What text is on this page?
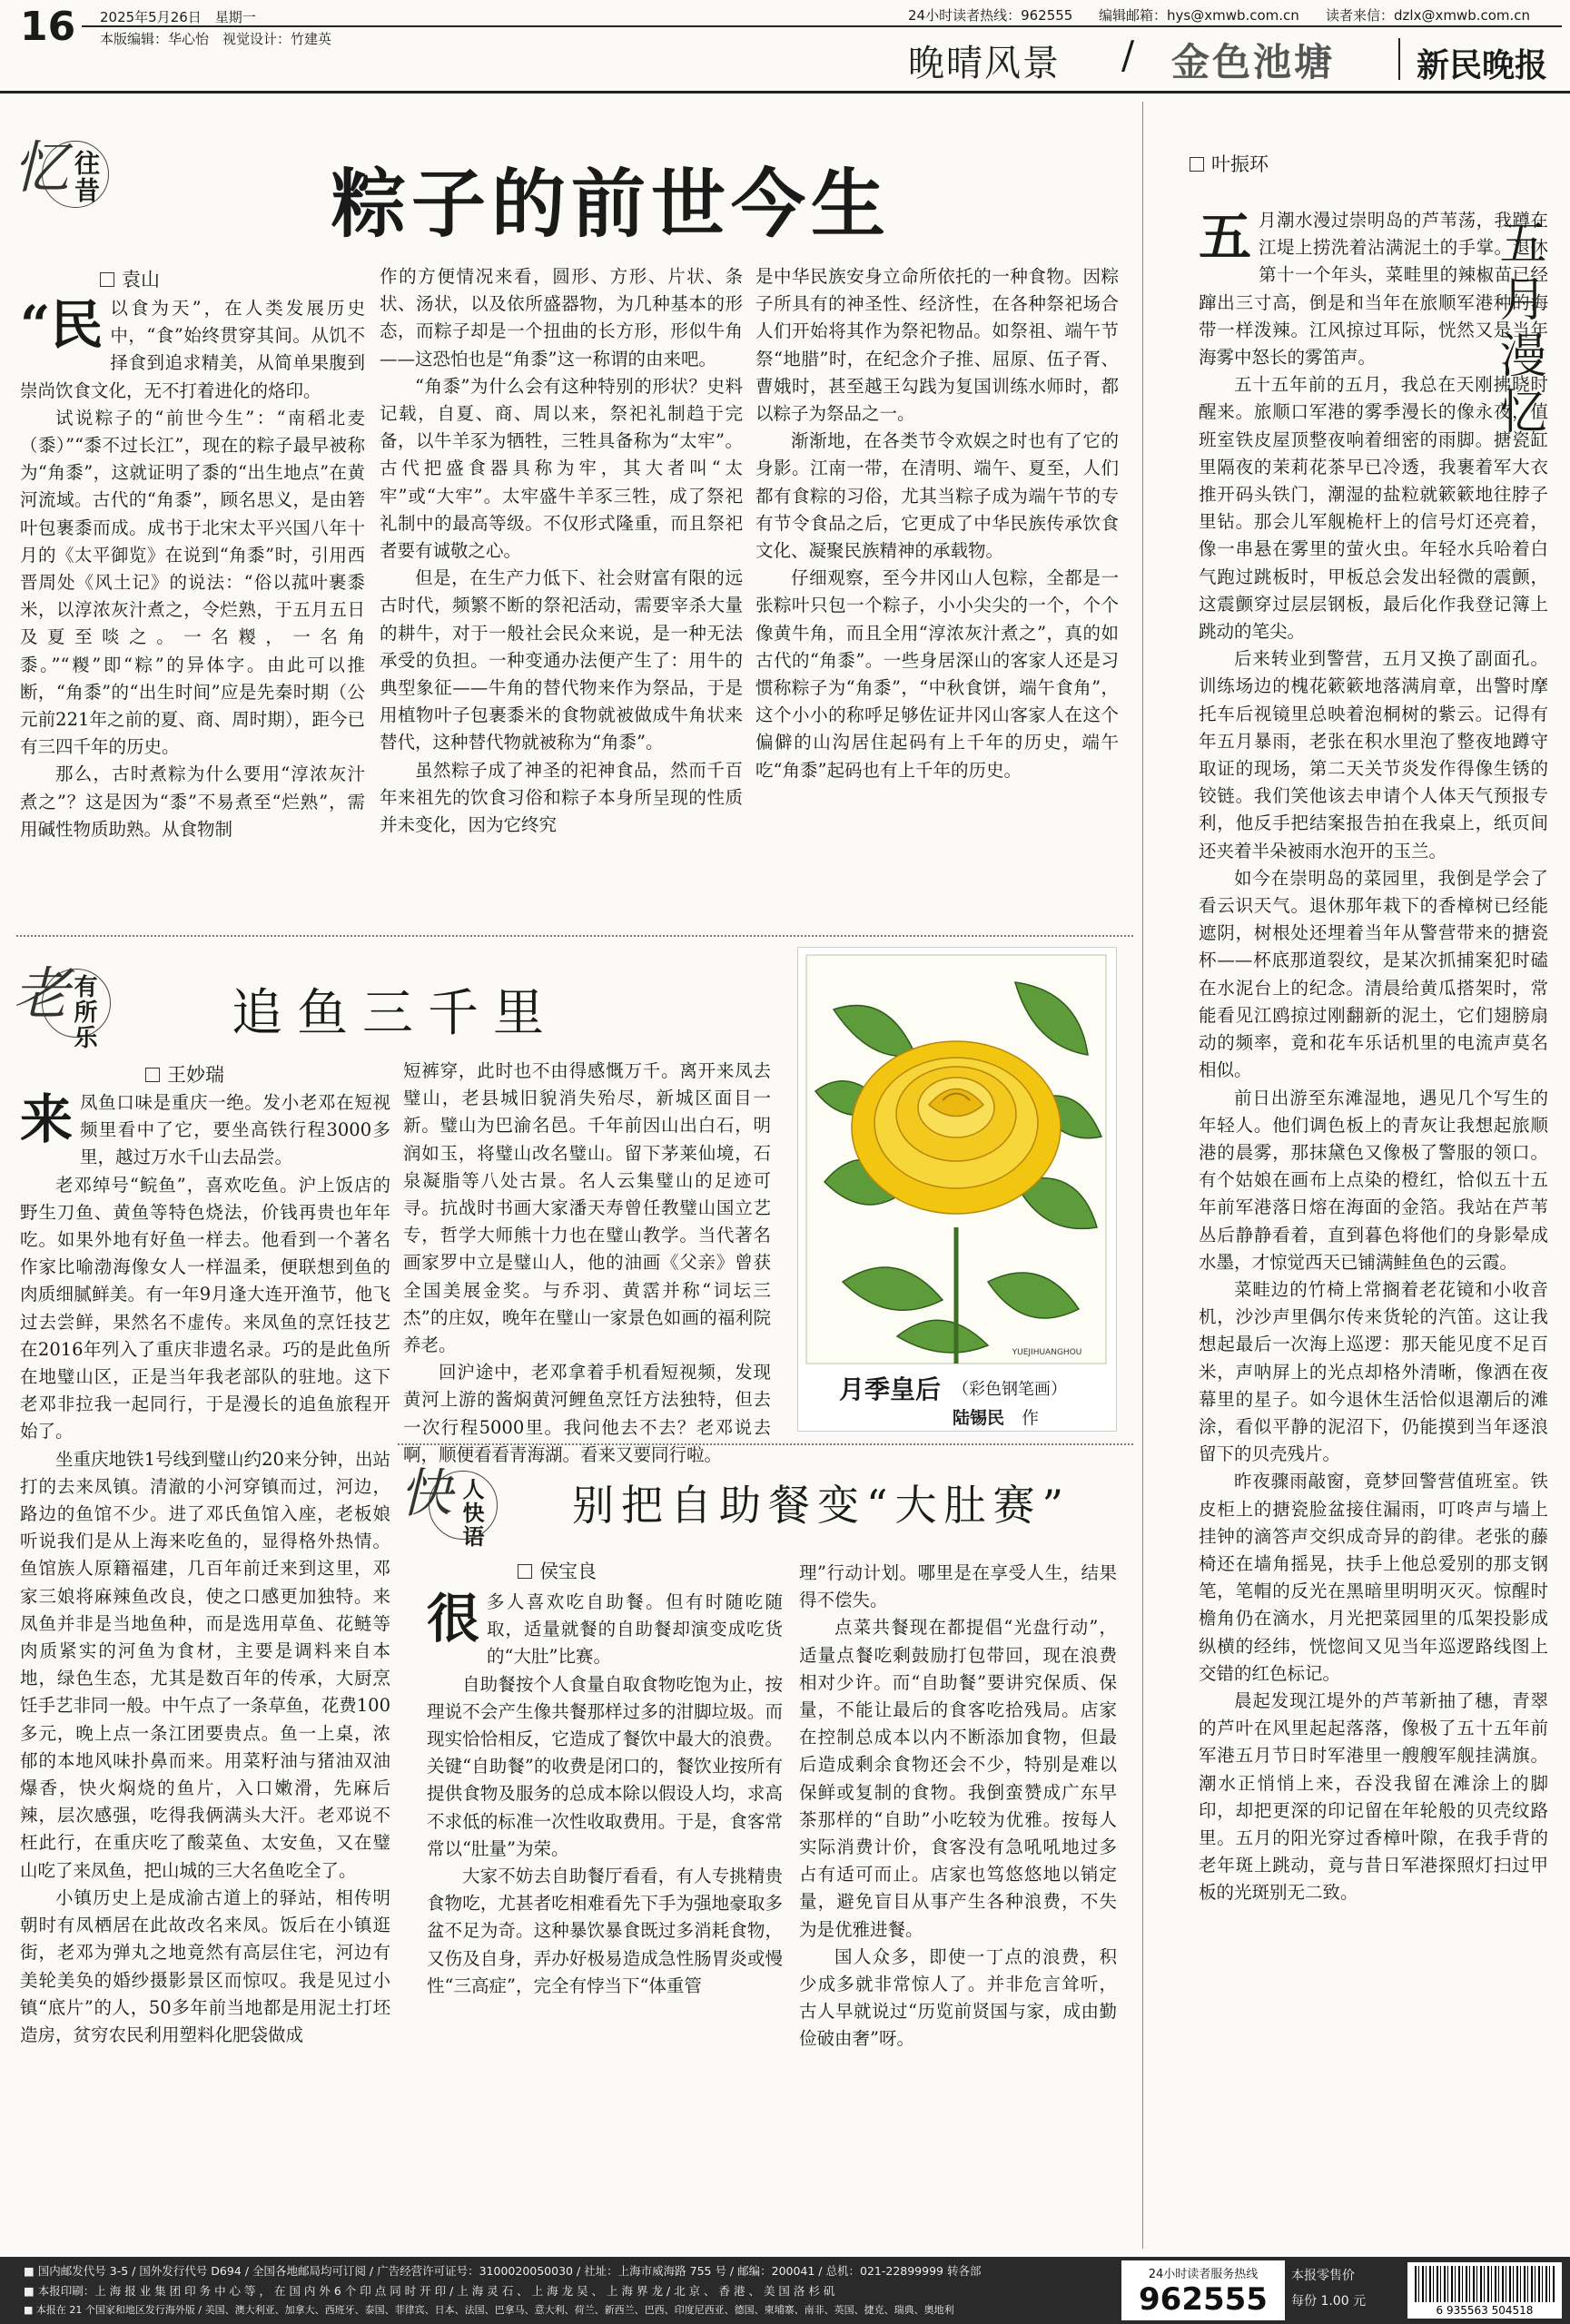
16 2025年5月26日　星期一
本版编辑：华心怡　视觉设计：竹建英
24小时读者热线：962555 编辑邮箱：hys@xmwb.com.cn 读者来信：dzlx@xmwb.com.cn
晚晴风景 / 金色池塘 新民晚报
忆 往昔	粽子的前世今生
袁山
“民 以食为天”，在人类发展历史中，“食”始终贯穿其间。从饥不择食到追求精美，从简单果腹到崇尚饮食文化，无不打着进化的烙印。

试说粽子的“前世今生”：“南稻北麦（黍）”“黍不过长江”，现在的粽子最早被称为“角黍”，这就证明了黍的“出生地点”在黄河流域。古代的“角黍”，顾名思义，是由箬叶包裹黍而成。成书于北宋太平兴国八年十月的《太平御览》在说到“角黍”时，引用西晋周处《风土记》的说法：“俗以菰叶裹黍米，以淳浓灰汁煮之，令烂熟，于五月五日及夏至啖之。一名糉，一名角黍。”“糉”即“粽”的异体字。由此可以推断，“角黍”的“出生时间”应是先秦时期（公元前221年之前的夏、商、周时期），距今已有三四千年的历史。

那么，古时煮粽为什么要用“淳浓灰汁煮之”？这是因为“黍”不易煮至“烂熟”，需用碱性物质助熟。从食物制

作的方便情况来看，圆形、方形、片状、条状、汤状，以及依所盛器物，为几种基本的形态，而粽子却是一个扭曲的长方形，形似牛角——这恐怕也是“角黍”这一称谓的由来吧。

“角黍”为什么会有这种特别的形状？史料记载，自夏、商、周以来，祭祀礼制趋于完备，以牛羊豕为牺牲，三牲具备称为“太牢”。古代把盛食器具称为牢，其大者叫“太牢”或“大牢”。太牢盛牛羊豕三牲，成了祭祀礼制中的最高等级。不仅形式隆重，而且祭祀者要有诚敬之心。

但是，在生产力低下、社会财富有限的远古时代，频繁不断的祭祀活动，需要宰杀大量的耕牛，对于一般社会民众来说，是一种无法承受的负担。一种变通办法便产生了：用牛的典型象征——牛角的替代物来作为祭品，于是用植物叶子包裹黍米的食物就被做成牛角状来替代，这种替代物就被称为“角黍”。

虽然粽子成了神圣的祀神食品，然而千百年来祖先的饮食习俗和粽子本身所呈现的性质并未变化，因为它终究

是中华民族安身立命所依托的一种食物。因粽子所具有的神圣性、经济性，在各种祭祀场合人们开始将其作为祭祀物品。如祭祖、端午节祭“地腊”时，在纪念介子推、屈原、伍子胥、曹娥时，甚至越王勾践为复国训练水师时，都以粽子为祭品之一。

渐渐地，在各类节令欢娱之时也有了它的身影。江南一带，在清明、端午、夏至，人们都有食粽的习俗，尤其当粽子成为端午节的专有节令食品之后，它更成了中华民族传承饮食文化、凝聚民族精神的承载物。

仔细观察，至今井冈山人包粽，全都是一张粽叶只包一个粽子，小小尖尖的一个，个个像黄牛角，而且全用“淳浓灰汁煮之”，真的如古代的“角黍”。一些身居深山的客家人还是习惯称粽子为“角黍”，“中秋食饼，端午食角”，这个小小的称呼足够佐证井冈山客家人在这个偏僻的山沟居住起码有上千年的历史，端午吃“角黍”起码也有上千年的历史。

老 有所乐	追鱼三千里
王妙瑞
来 凤鱼口味是重庆一绝。发小老邓在短视频里看中了它，要坐高铁行程3000多里，越过万水千山去品尝。

老邓绰号“鲩鱼”，喜欢吃鱼。沪上饭店的野生刀鱼、黄鱼等特色烧法，价钱再贵也年年吃。如果外地有好鱼一样去。他看到一个著名作家比喻渤海像女人一样温柔，便联想到鱼的肉质细腻鲜美。有一年9月逢大连开渔节，他飞过去尝鲜，果然名不虚传。来凤鱼的烹饪技艺在2016年列入了重庆非遗名录。巧的是此鱼所在地璧山区，正是当年我老部队的驻地。这下老邓非拉我一起同行，于是漫长的追鱼旅程开始了。

坐重庆地铁1号线到璧山约20来分钟，出站打的去来凤镇。清澈的小河穿镇而过，河边，路边的鱼馆不少。进了邓氏鱼馆入座，老板娘听说我们是从上海来吃鱼的，显得格外热情。鱼馆族人原籍福建，几百年前迁来到这里，邓家三娘将麻辣鱼改良，使之口感更加独特。来凤鱼并非是当地鱼种，而是选用草鱼、花鲢等肉质紧实的河鱼为食材，主要是调料来自本地，绿色生态，尤其是数百年的传承，大厨烹饪手艺非同一般。中午点了一条草鱼，花费100多元，晚上点一条江团要贵点。鱼一上桌，浓郁的本地风味扑鼻而来。用菜籽油与猪油双油爆香，快火焖烧的鱼片，入口嫩滑，先麻后辣，层次感强，吃得我俩满头大汗。老邓说不枉此行，在重庆吃了酸菜鱼、太安鱼，又在璧山吃了来凤鱼，把山城的三大名鱼吃全了。

小镇历史上是成渝古道上的驿站，相传明朝时有凤栖居在此故改名来凤。饭后在小镇逛街，老邓为弹丸之地竟然有高层住宅，河边有美轮美奂的婚纱摄影景区而惊叹。我是见过小镇“底片”的人，50多年前当地都是用泥土打坯造房，贫穷农民利用塑料化肥袋做成

短裤穿，此时也不由得感慨万千。离开来凤去璧山，老县城旧貌消失殆尽，新城区面目一新。璧山为巴渝名邑。千年前因山出白石，明润如玉，将璧山改名璧山。留下茅莱仙境，石泉凝脂等八处古景。名人云集璧山的足迹可寻。抗战时书画大家潘天寿曾任教璧山国立艺专，哲学大师熊十力也在璧山教学。当代著名画家罗中立是璧山人，他的油画《父亲》曾获全国美展金奖。与乔羽、黄霑并称“词坛三杰”的庄奴，晚年在璧山一家景色如画的福利院养老。

回沪途中，老邓拿着手机看短视频，发现黄河上游的酱焖黄河鲤鱼烹饪方法独特，但去一次行程5000里。我问他去不去？老邓说去啊，顺便看看青海湖。看来又要同行啦。

YUEJIHUANGHOU
月季皇后 （彩色钢笔画）
陆锡民　 作
快 人快语 别把自助餐变“大肚赛”
侯宝良
很 多人喜欢吃自助餐。但有时随吃随取，适量就餐的自助餐却演变成吃货的“大肚”比赛。

自助餐按个人食量自取食物吃饱为止，按理说不会产生像共餐那样过多的泔脚垃圾。而现实恰恰相反，它造成了餐饮中最大的浪费。关键“自助餐”的收费是闭口的，餐饮业按所有提供食物及服务的总成本除以假设人均，求高不求低的标准一次性收取费用。于是，食客常常以“肚量”为荣。

大家不妨去自助餐厅看看，有人专挑精贵食物吃，尤甚者吃相难看先下手为强地豪取多盆不足为奇。这种暴饮暴食既过多消耗食物，又伤及自身，弄办好极易造成急性肠胃炎或慢性“三高症”，完全有悖当下“体重管

理”行动计划。哪里是在享受人生，结果得不偿失。

点菜共餐现在都提倡“光盘行动”，适量点餐吃剩鼓励打包带回，现在浪费相对少许。而“自助餐”要讲究保质、保量，不能让最后的食客吃拾残局。店家在控制总成本以内不断添加食物，但最后造成剩余食物还会不少，特别是难以保鲜或复制的食物。我倒蛮赞成广东早茶那样的“自助”小吃较为优雅。按每人实际消费计价，食客没有急吼吼地过多占有适可而止。店家也笃悠悠地以销定量，避免盲目从事产生各种浪费，不失为是优雅进餐。

国人众多，即使一丁点的浪费，积少成多就非常惊人了。并非危言耸听，古人早就说过“历览前贤国与家，成由勤俭破由奢”呀。

叶振环
五月漫忆
五 月潮水漫过崇明岛的芦苇荡，我蹲在江堤上捞洗着沾满泥土的手掌。退休第十一个年头，菜畦里的辣椒苗已经蹿出三寸高，倒是和当年在旅顺军港种的海带一样泼辣。江风掠过耳际，恍然又是当年海雾中怒长的雾笛声。

五十五年前的五月，我总在天刚拂晓时醒来。旅顺口军港的雾季漫长的像永夜，值班室铁皮屋顶整夜响着细密的雨脚。搪瓷缸里隔夜的茉莉花茶早已冷透，我裹着军大衣推开码头铁门，潮湿的盐粒就簌簌地往脖子里钻。那会儿军舰桅杆上的信号灯还亮着，像一串悬在雾里的萤火虫。年轻水兵哈着白气跑过跳板时，甲板总会发出轻微的震颤，这震颤穿过层层钢板，最后化作我登记簿上跳动的笔尖。

后来转业到警营，五月又换了副面孔。训练场边的槐花簌簌地落满肩章，出警时摩托车后视镜里总映着泡桐树的紫云。记得有年五月暴雨，老张在积水里泡了整夜地蹲守取证的现场，第二天关节炎发作得像生锈的铰链。我们笑他该去申请个人体天气预报专利，他反手把结案报告拍在我桌上，纸页间还夹着半朵被雨水泡开的玉兰。

如今在崇明岛的菜园里，我倒是学会了看云识天气。退休那年栽下的香樟树已经能遮阴，树根处还埋着当年从警营带来的搪瓷杯——杯底那道裂纹，是某次抓捕案犯时磕在水泥台上的纪念。清晨给黄瓜搭架时，常能看见江鸥掠过刚翻新的泥土，它们翅膀扇动的频率，竟和花车乐话机里的电流声莫名相似。

前日出游至东滩湿地，遇见几个写生的年轻人。他们调色板上的青灰让我想起旅顺港的晨雾，那抹黛色又像极了警服的领口。有个姑娘在画布上点染的橙红，恰似五十五年前军港落日熔在海面的金箔。我站在芦苇丛后静静看着，直到暮色将他们的身影晕成水墨，才惊觉西天已铺满鲑鱼色的云霞。

菜畦边的竹椅上常搁着老花镜和小收音机，沙沙声里偶尔传来货轮的汽笛。这让我想起最后一次海上巡逻：那天能见度不足百米，声呐屏上的光点却格外清晰，像洒在夜幕里的星子。如今退休生活恰似退潮后的滩涂，看似平静的泥沼下，仍能摸到当年逐浪留下的贝壳残片。

昨夜骤雨敲窗，竟梦回警营值班室。铁皮柜上的搪瓷脸盆接住漏雨，叮咚声与墙上挂钟的滴答声交织成奇异的韵律。老张的藤椅还在墙角摇晃，扶手上他总爱别的那支钢笔，笔帽的反光在黑暗里明明灭灭。惊醒时檐角仍在滴水，月光把菜园里的瓜架投影成纵横的经纬，恍惚间又见当年巡逻路线图上交错的红色标记。

晨起发现江堤外的芦苇新抽了穗，青翠的芦叶在风里起起落落，像极了五十五年前军港五月节日时军港里一艘艘军舰挂满旗。潮水正悄悄上来，吞没我留在滩涂上的脚印，却把更深的印记留在年轮般的贝壳纹路里。五月的阳光穿过香樟叶隙，在我手背的老年斑上跳动，竟与昔日军港探照灯扫过甲板的光斑别无二致。

■ 国内邮发代号 3-5 / 国外发行代号 D694 / 全国各地邮局均可订阅 / 广告经营许可证号：3100020050030 / 社址：上海市威海路 755 号 / 邮编：200041 / 总机：021-22899999 转各部
■ 本报印刷：上 海 报 业 集 团 印 务 中 心 等 ， 在 国 内 外 6 个 印 点 同 时 开 印 / 上 海 灵 石 、 上 海 龙 吴 、 上 海 界 龙 / 北 京 、 香 港 、 美 国 洛 杉 矶
■ 本报在 21 个国家和地区发行海外版 / 美国、澳大利亚、加拿大、西班牙、泰国、菲律宾、日本、法国、巴拿马、意大利、荷兰、新西兰、巴西、印度尼西亚、德国、柬埔寨、南非、英国、捷克、瑞典、奥地利
24小时读者服务热线
962555
本报零售价
每份 1.00 元
6 935563 504518
